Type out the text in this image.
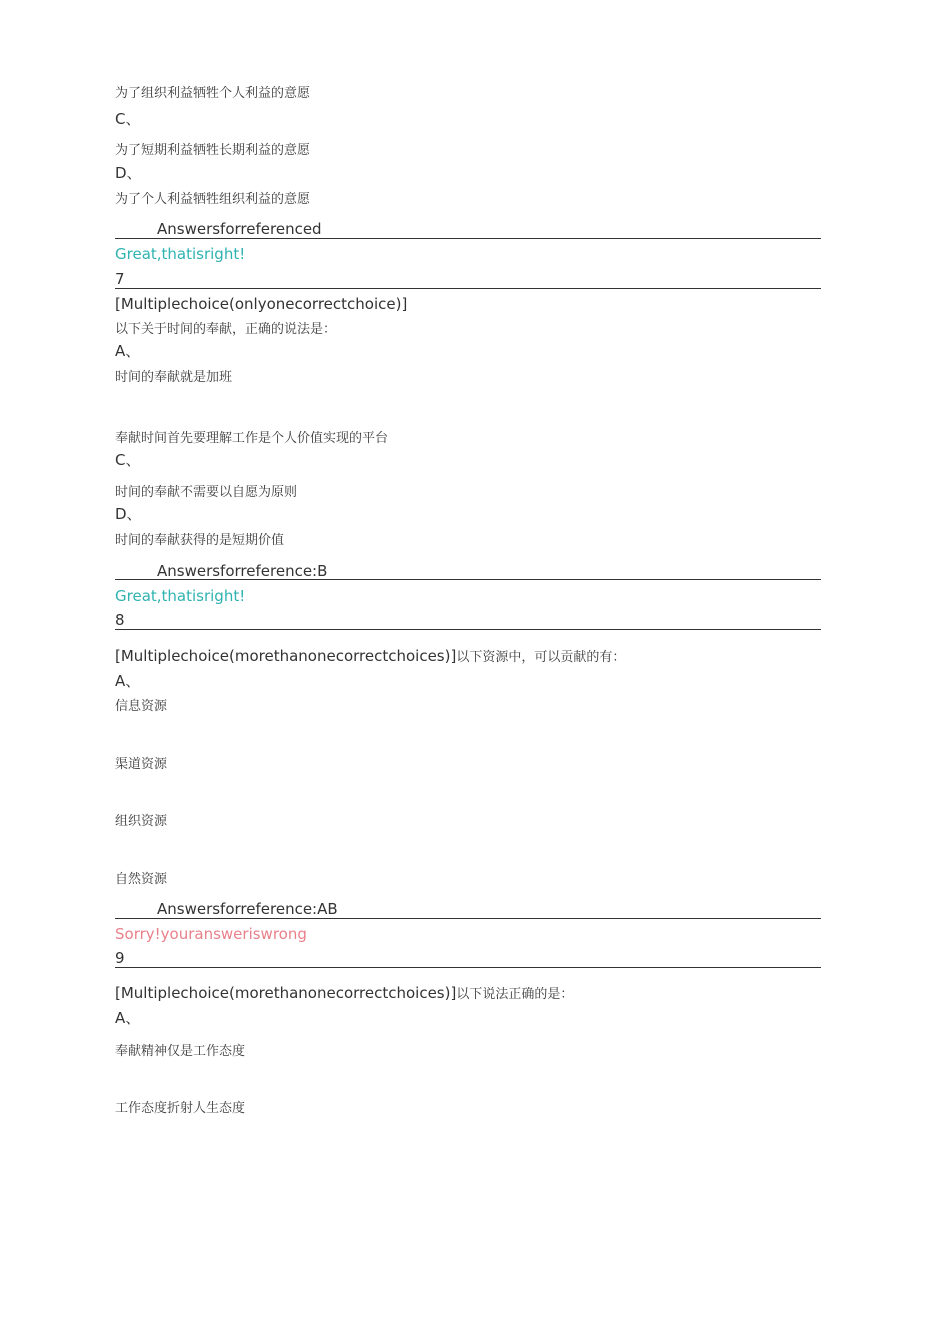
为了组织利益牺牲个人利益的意愿
C、
为了短期利益牺牲长期利益的意愿
D、
为了个人利益牺牲组织利益的意愿
Answersforreferenced
Great,thatisright!
7
[Multiplechoice(onlyonecorrectchoice)]
以下关于时间的奉献，正确的说法是：
A、
时间的奉献就是加班
奉献时间首先要理解工作是个人价值实现的平台
C、
时间的奉献不需要以自愿为原则
D、
时间的奉献获得的是短期价值
Answersforreference:B
Great,thatisright!
8
[Multiplechoice(morethanonecorrectchoices)]以下资源中，可以贡献的有：
A、
信息资源
渠道资源
组织资源
自然资源
Answersforreference:AB
Sorry!youransweriswrong
9
[Multiplechoice(morethanonecorrectchoices)]以下说法正确的是：
A、
奉献精神仅是工作态度
工作态度折射人生态度
